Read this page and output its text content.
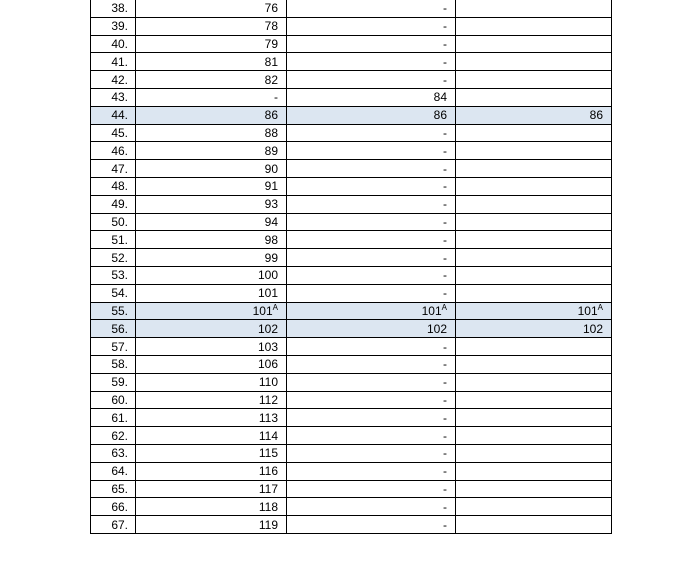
38.	76	-	
39.	78	-	
40.	79	-	
41.	81	-	
42.	82	-	
43.	-	84	
44.	86	86	86
45.	88	-	
46.	89	-	
47.	90	-	
48.	91	-	
49.	93	-	
50.	94	-	
51.	98	-	
52.	99	-	
53.	100	-	
54.	101	-	
55.	$101^A$	$101^A$	$101^A$
56.	102	102	102
57.	103	-	
58.	106	-	
59.	110	-	
60.	112	-	
61.	113	-	
62.	114	-	
63.	115	-	
64.	116	-	
65.	117	-	
66.	118	-	
67.	119	-	
